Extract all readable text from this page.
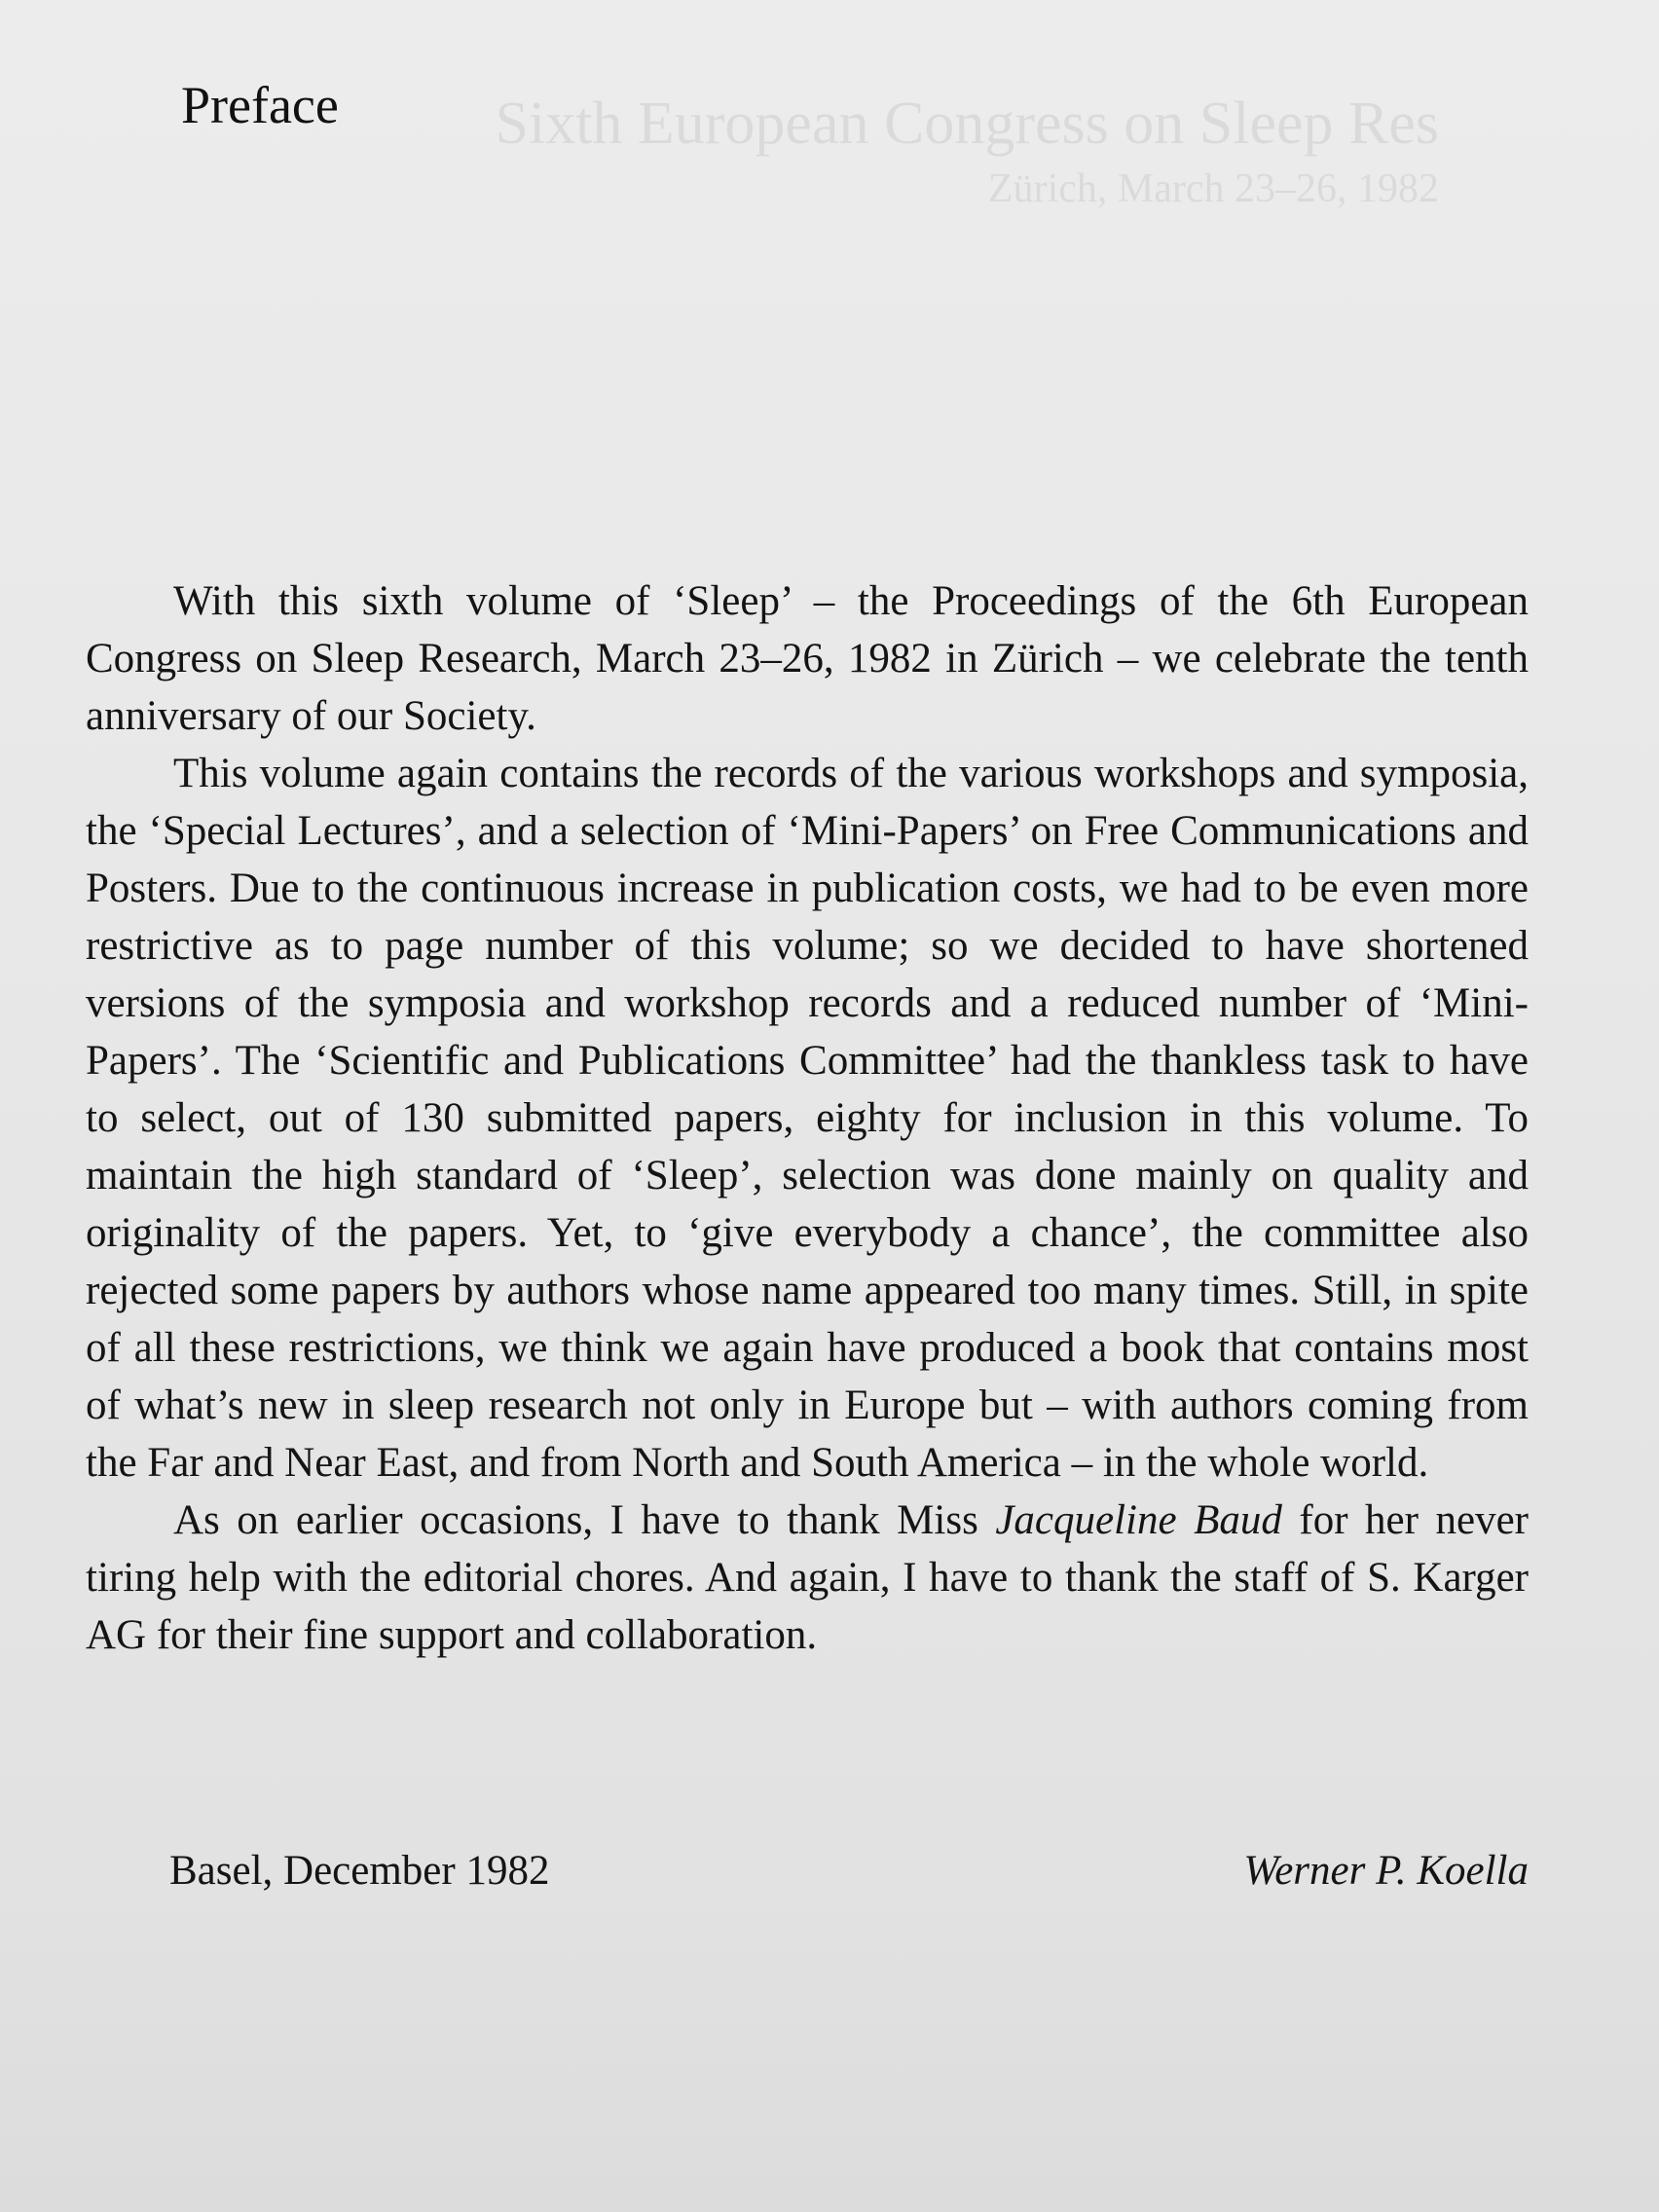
Sixth European Congress on Sleep Res
Zürich, March 23–26, 1982
Preface

With this sixth volume of ‘Sleep’ – the Proceedings of the 6th European Congress on Sleep Research, March 23–26, 1982 in Zürich – we celebrate the tenth anniversary of our Society.

This volume again contains the records of the various workshops and symposia, the ‘Special Lectures’, and a selection of ‘Mini-Papers’ on Free Communications and Posters. Due to the continuous increase in publication costs, we had to be even more restrictive as to page number of this volume; so we decided to have shortened versions of the symposia and workshop records and a reduced number of ‘Mini-Papers’. The ‘Scientific and Publications Committee’ had the thankless task to have to select, out of 130 submitted papers, eighty for inclusion in this volume. To maintain the high standard of ‘Sleep’, selection was done mainly on quality and originality of the papers. Yet, to ‘give everybody a chance’, the committee also rejected some papers by authors whose name appeared too many times. Still, in spite of all these restrictions, we think we again have produced a book that contains most of what’s new in sleep research not only in Europe but – with authors coming from the Far and Near East, and from North and South America – in the whole world.

As on earlier occasions, I have to thank Miss Jacqueline Baud for her never tiring help with the editorial chores. And again, I have to thank the staff of S. Karger AG for their fine support and collaboration.

Basel, December 1982	Werner P. Koella
